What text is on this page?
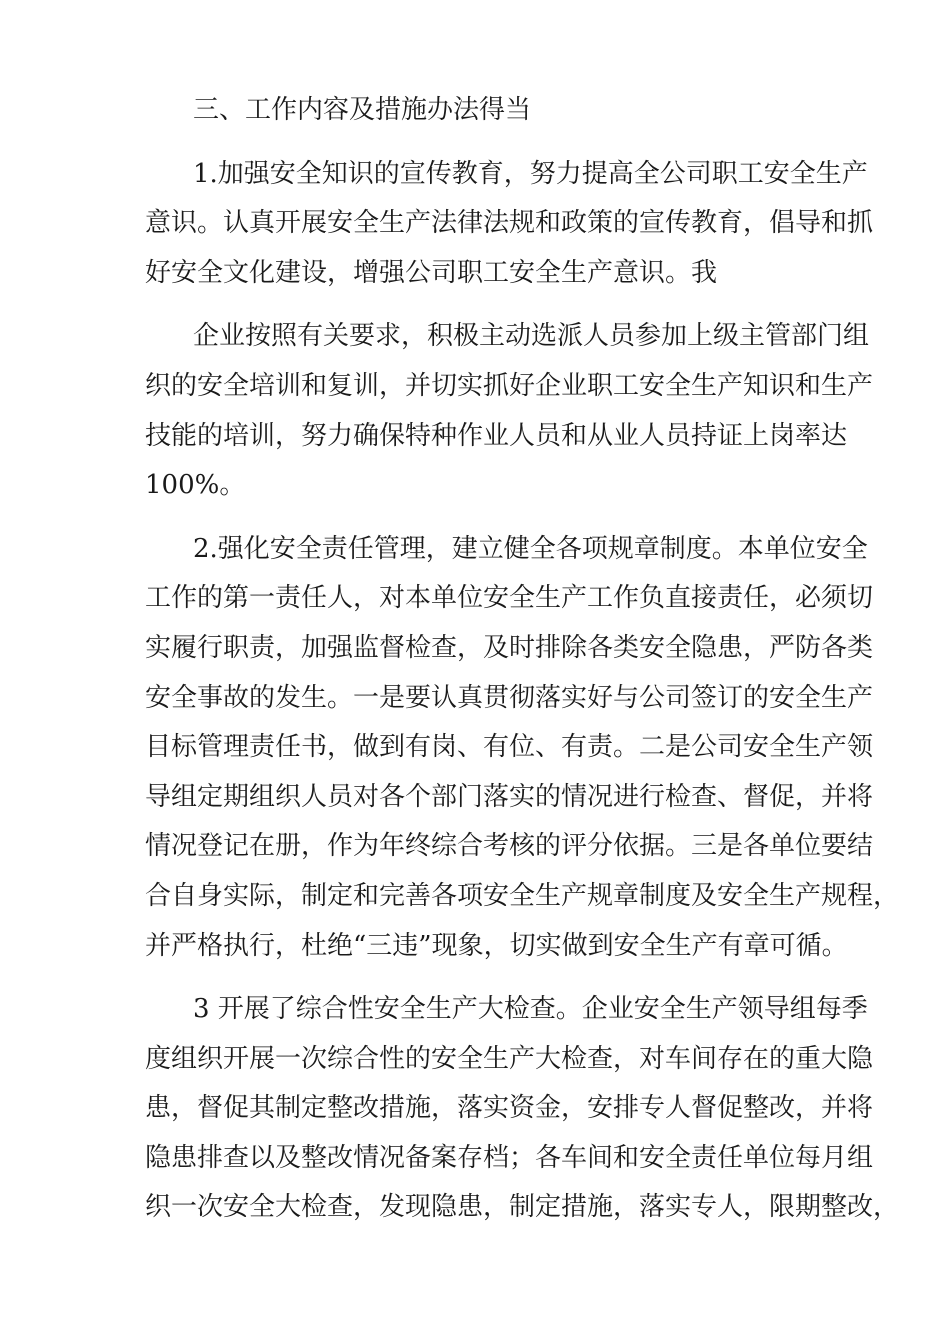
三、工作内容及措施办法得当
1.加强安全知识的宣传教育，努力提高全公司职工安全生产
意识。认真开展安全生产法律法规和政策的宣传教育，倡导和抓
好安全文化建设，增强公司职工安全生产意识。我
企业按照有关要求，积极主动选派人员参加上级主管部门组
织的安全培训和复训，并切实抓好企业职工安全生产知识和生产
技能的培训，努力确保特种作业人员和从业人员持证上岗率达
100%。
2.强化安全责任管理，建立健全各项规章制度。本单位安全
工作的第一责任人，对本单位安全生产工作负直接责任，必须切
实履行职责，加强监督检查，及时排除各类安全隐患，严防各类
安全事故的发生。一是要认真贯彻落实好与公司签订的安全生产
目标管理责任书，做到有岗、有位、有责。二是公司安全生产领
导组定期组织人员对各个部门落实的情况进行检查、督促，并将
情况登记在册，作为年终综合考核的评分依据。三是各单位要结
合自身实际，制定和完善各项安全生产规章制度及安全生产规程，
并严格执行，杜绝“三违”现象，切实做到安全生产有章可循。
3 开展了综合性安全生产大检查。企业安全生产领导组每季
度组织开展一次综合性的安全生产大检查，对车间存在的重大隐
患，督促其制定整改措施，落实资金，安排专人督促整改，并将
隐患排查以及整改情况备案存档；各车间和安全责任单位每月组
织一次安全大检查，发现隐患，制定措施，落实专人，限期整改，
